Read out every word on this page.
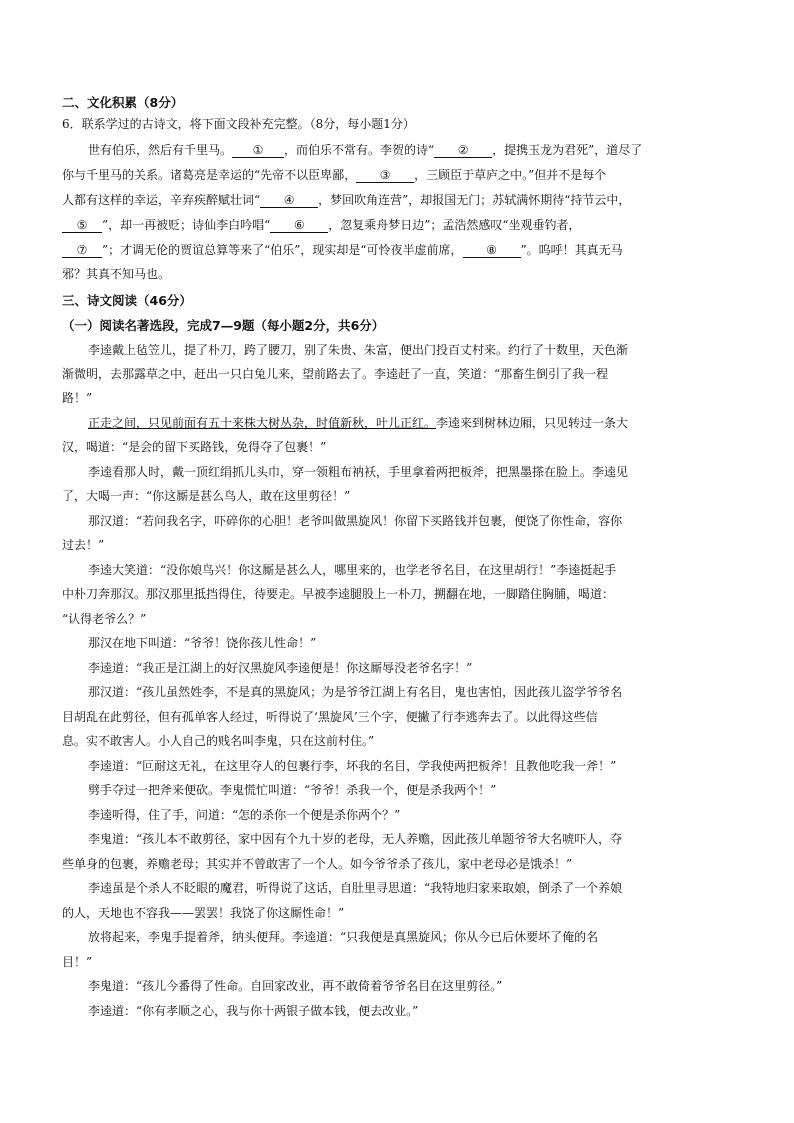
二、文化积累（8分）
6．联系学过的古诗文，将下面文段补充完整。（8分，每小题1分）
世有伯乐，然后有千里马。 ① ，而伯乐不常有。李贺的诗“ ② ，提携玉龙为君死”，道尽了
你与千里马的关系。诸葛亮是幸运的“先帝不以臣卑鄙， ③ ，三顾臣于草庐之中。”但并不是每个
人都有这样的幸运，辛弃疾醉赋壮词“ ④ ，梦回吹角连营”，却报国无门；苏轼满怀期待“持节云中，
⑤ ”，却一再被贬；诗仙李白吟唱“ ⑥ ，忽复乘舟梦日边”；孟浩然感叹“坐观垂钓者，
⑦ ”；才调无伦的贾谊总算等来了“伯乐”，现实却是“可怜夜半虚前席， ⑧ ”。呜呼！其真无马
邪？其真不知马也。
三、诗文阅读（46分）
（一）阅读名著选段，完成7—9题（每小题2分，共6分）
李逵戴上毡笠儿，提了朴刀，跨了腰刀，别了朱贵、朱富，便出门投百丈村来。约行了十数里，天色渐
渐微明，去那露草之中，赶出一只白兔儿来，望前路去了。李逵赶了一直，笑道：“那畜生倒引了我一程
路！”
正走之间，只见前面有五十来株大树丛杂，时值新秋，叶儿正红。李逵来到树林边厢，只见转过一条大
汉，喝道：“是会的留下买路钱，免得夺了包裹！”
李逵看那人时，戴一顶红绢抓儿头巾，穿一领粗布衲袄，手里拿着两把板斧，把黑墨搽在脸上。李逵见
了，大喝一声：“你这厮是甚么鸟人，敢在这里剪径！”
那汉道：“若问我名字，吓碎你的心胆！老爷叫做黑旋风！你留下买路钱并包裹，便饶了你性命，容你
过去！”
李逵大笑道：“没你娘鸟兴！你这厮是甚么人，哪里来的，也学老爷名目，在这里胡行！”李逵挺起手
中朴刀奔那汉。那汉那里抵挡得住，待要走。早被李逵腿股上一朴刀，搠翻在地，一脚踏住胸脯，喝道：
“认得老爷么？”
那汉在地下叫道：“爷爷！饶你孩儿性命！”
李逵道：“我正是江湖上的好汉黑旋风李逵便是！你这厮辱没老爷名字！”
那汉道：“孩儿虽然姓李，不是真的黑旋风；为是爷爷江湖上有名目，鬼也害怕，因此孩儿盗学爷爷名
目胡乱在此剪径，但有孤单客人经过，听得说了‘黑旋风’三个字，便撇了行李逃奔去了。以此得这些信
息。实不敢害人。小人自己的贱名叫李鬼，只在这前村住。”
李逵道：“叵耐这无礼，在这里夺人的包裹行李，坏我的名目，学我使两把板斧！且教他吃我一斧！”
劈手夺过一把斧来便砍。李鬼慌忙叫道：“爷爷！杀我一个，便是杀我两个！”
李逵听得，住了手，问道：“怎的杀你一个便是杀你两个？”
李鬼道：“孩儿本不敢剪径，家中因有个九十岁的老母，无人养赡，因此孩儿单题爷爷大名唬吓人，夺
些单身的包裹，养赡老母；其实并不曾敢害了一个人。如今爷爷杀了孩儿，家中老母必是饿杀！”
李逵虽是个杀人不眨眼的魔君，听得说了这话，自肚里寻思道：“我特地归家来取娘，倒杀了一个养娘
的人，天地也不容我——罢罢！我饶了你这厮性命！”
放将起来，李鬼手提着斧，纳头便拜。李逵道：“只我便是真黑旋风；你从今已后休要坏了俺的名
目！”
李鬼道：“孩儿今番得了性命。自回家改业，再不敢倚着爷爷名目在这里剪径。”
李逵道：“你有孝顺之心，我与你十两银子做本钱，便去改业。”
